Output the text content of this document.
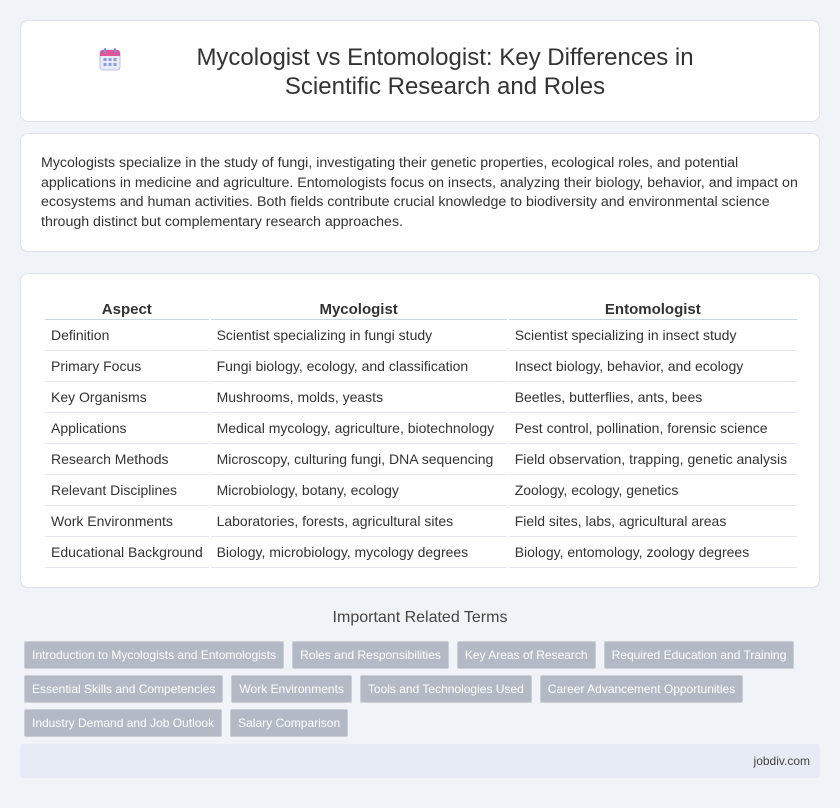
Mycologist vs Entomologist: Key Differences in Scientific Research and Roles

Mycologists specialize in the study of fungi, investigating their genetic properties, ecological roles, and potential applications in medicine and agriculture. Entomologists focus on insects, analyzing their biology, behavior, and impact on ecosystems and human activities. Both fields contribute crucial knowledge to biodiversity and environmental science through distinct but complementary research approaches.

Aspect	Mycologist	Entomologist
Definition	Scientist specializing in fungi study	Scientist specializing in insect study
Primary Focus	Fungi biology, ecology, and classification	Insect biology, behavior, and ecology
Key Organisms	Mushrooms, molds, yeasts	Beetles, butterflies, ants, bees
Applications	Medical mycology, agriculture, biotechnology	Pest control, pollination, forensic science
Research Methods	Microscopy, culturing fungi, DNA sequencing	Field observation, trapping, genetic analysis
Relevant Disciplines	Microbiology, botany, ecology	Zoology, ecology, genetics
Work Environments	Laboratories, forests, agricultural sites	Field sites, labs, agricultural areas
Educational Background	Biology, microbiology, mycology degrees	Biology, entomology, zoology degrees
Important Related Terms
Introduction to Mycologists and Entomologists	Roles and Responsibilities	Key Areas of Research	Required Education and Training
Essential Skills and Competencies	Work Environments	Tools and Technologies Used	Career Advancement Opportunities
Industry Demand and Job Outlook	Salary Comparison
jobdiv.com
